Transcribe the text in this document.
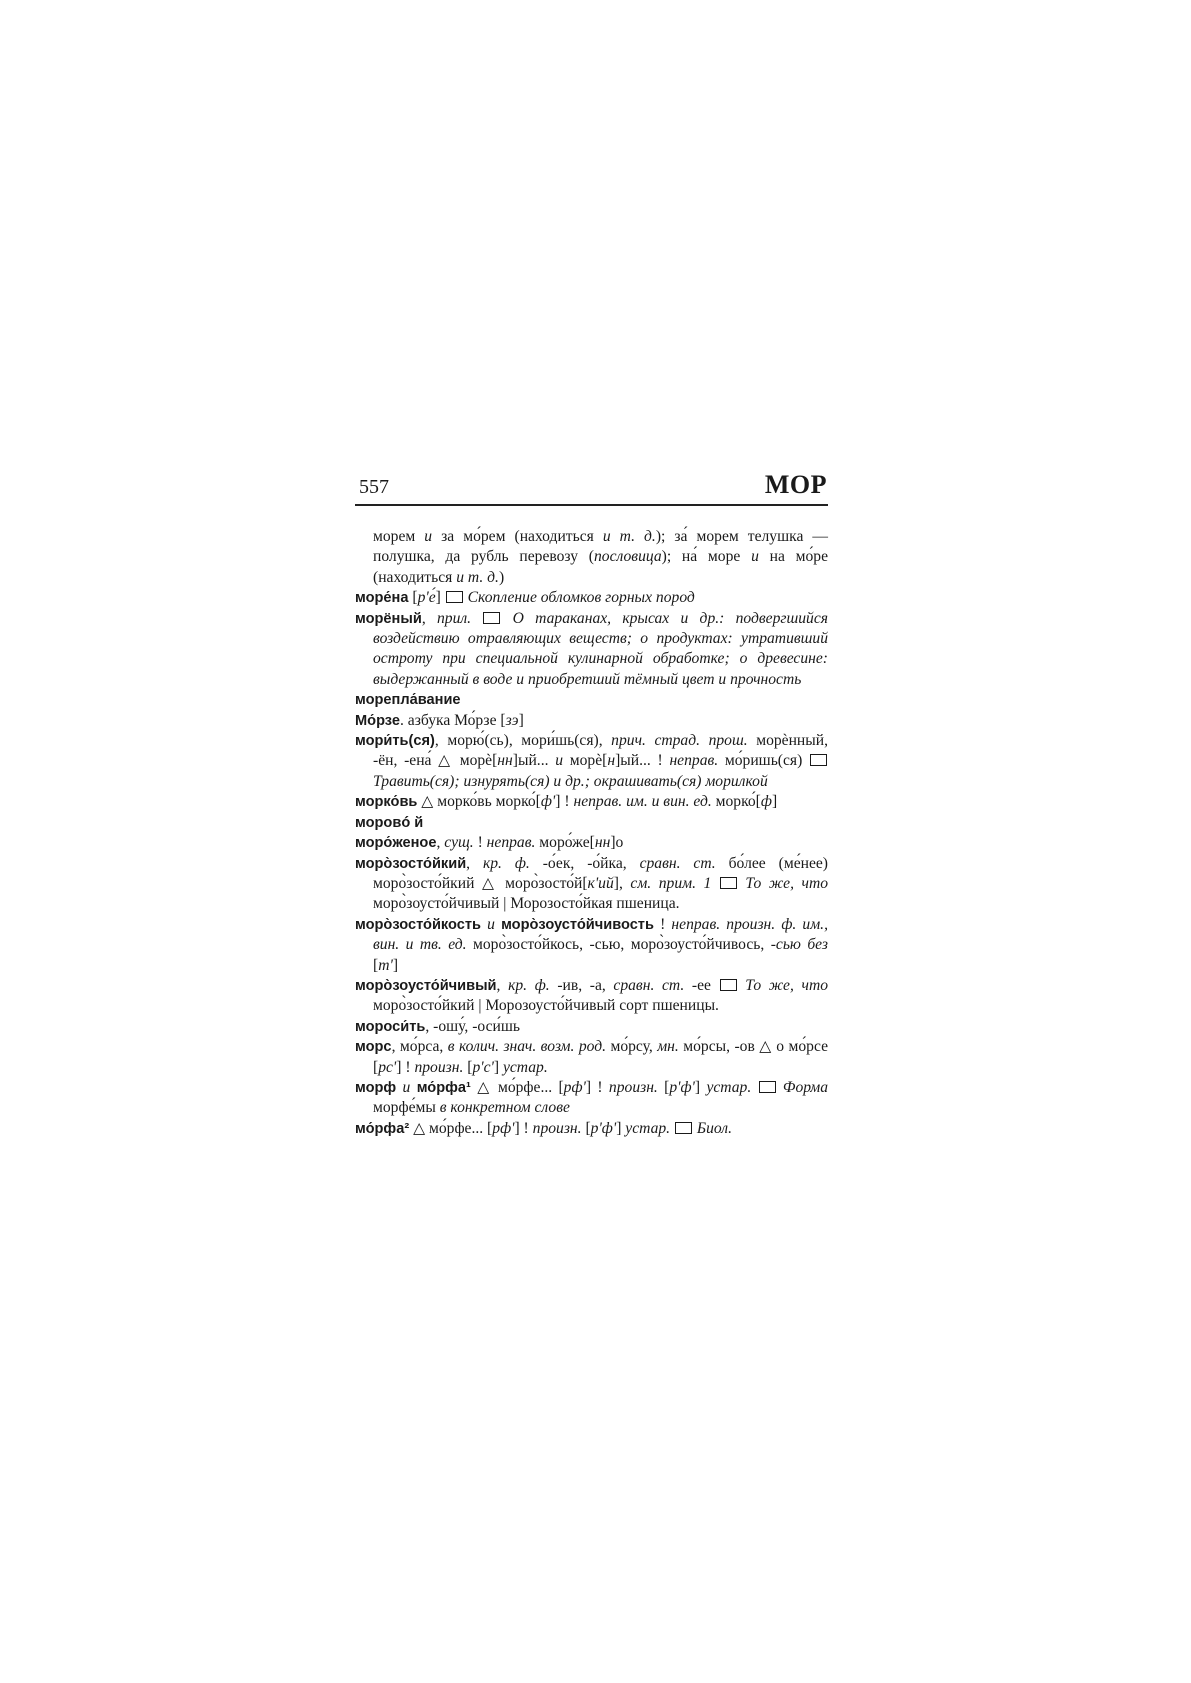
557	МОР

морем и за мо́рем (находиться и т. д.); за́ морем телушка — полушка, да рубль перевозу (пословица); на́ море и на мо́ре (находиться и т. д.)

море́на [р'е́]  Скопление обломков горных пород

морёный, прил.  О тараканах, крысах и др.: подвергшийся воздействию отравляющих веществ; о продуктах: утративший остроту при специальной кулинарной обработке; о древесине: выдержанный в воде и приобретший тёмный цвет и прочность

морепла́вание

Мо́рзе. азбука Мо́рзе [зэ]

мори́ть(ся), морю́(сь), мори́шь(ся), прич. страд. прош. морѐнный, -ён, -ена́ △ морѐ[нн]ый... и морѐ[н]ый... ! неправ. мо́ришь(ся)  Травить(ся); изнурять(ся) и др.; окрашивать(ся) морилкой

морко́вь △ морко́вь морко́[ф'] ! неправ. им. и вин. ед. морко́[ф]

моровó й

моро́женое, сущ. ! неправ. моро́же[нн]о

моро̀зосто́йкий, кр. ф. -о́ек, -о́йка, сравн. ст. бо́лее (ме́нее) моро̀зосто́йкий △ моро̀зосто́й[к'ий], см. прим. 1  То же, что моро̀зоусто́йчивый | Морозосто́йкая пшеница.

моро̀зосто́йкость и моро̀зоусто́йчивость ! неправ. произн. ф. им., вин. и тв. ед. моро̀зосто́йкось, -сью, моро̀зоусто́йчивось, -сью без [т']

моро̀зоусто́йчивый, кр. ф. -ив, -а, сравн. ст. -ее  То же, что моро̀зосто́йкий | Морозоусто́йчивый сорт пшеницы.

мороси́ть, -ошу́, -оси́шь

морс, мо́рса, в колич. знач. возм. род. мо́рсу, мн. мо́рсы, -ов △ о мо́рсе [рс'] ! произн. [р'с'] устар.

морф и мо́рфа¹ △ мо́рфе... [рф'] ! произн. [р'ф'] устар.  Форма морфе́мы в конкретном слове

мо́рфа² △ мо́рфе... [рф'] ! произн. [р'ф'] устар.  Биол.
